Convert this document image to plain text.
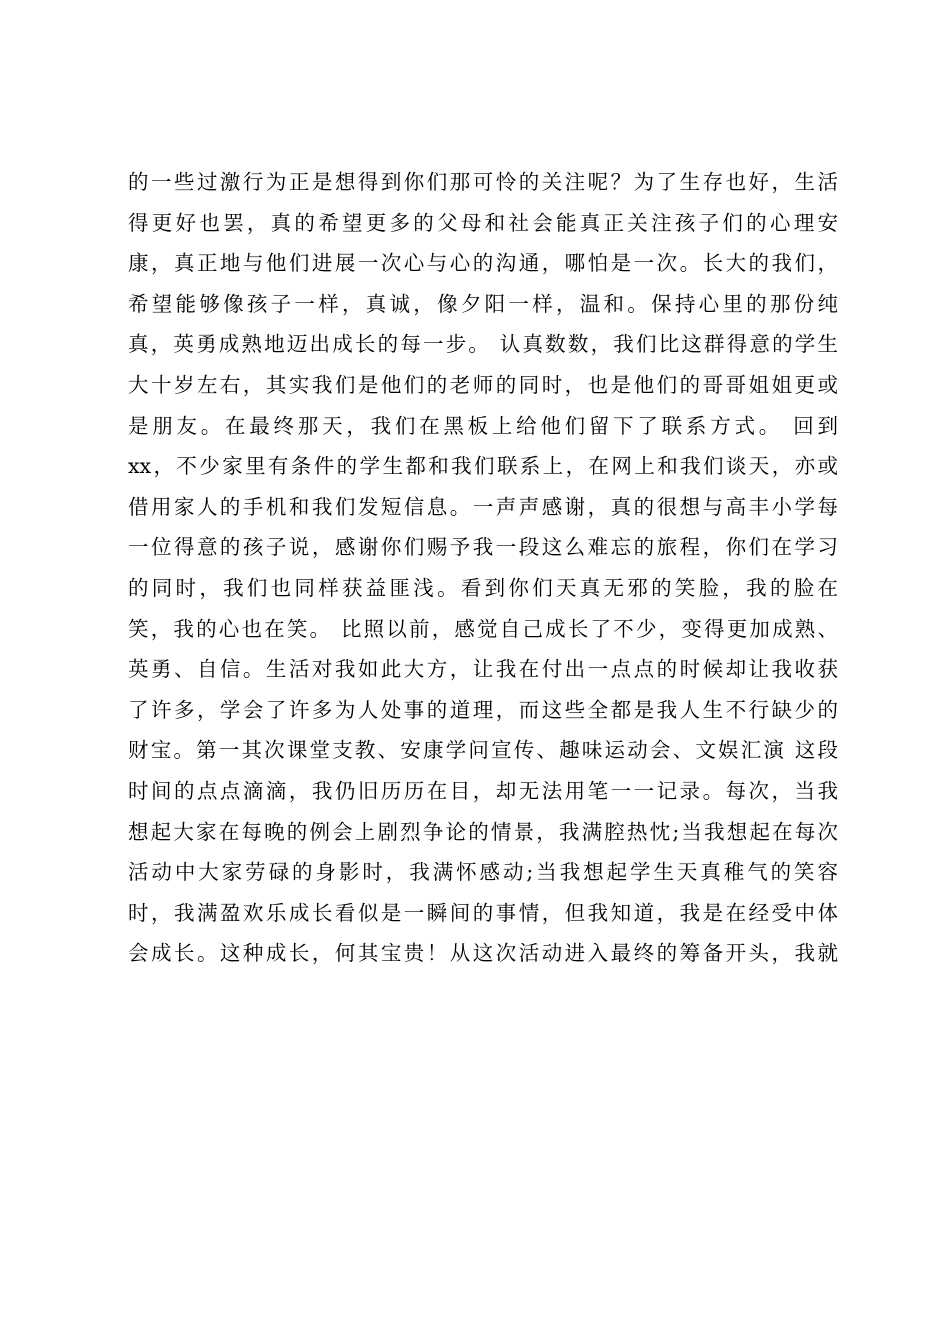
的一些过激行为正是想得到你们那可怜的关注呢？为了生存也好，生活
得更好也罢，真的希望更多的父母和社会能真正关注孩子们的心理安
康，真正地与他们进展一次心与心的沟通，哪怕是一次。长大的我们，
希望能够像孩子一样，真诚，像夕阳一样，温和。保持心里的那份纯
真，英勇成熟地迈出成长的每一步。 认真数数，我们比这群得意的学生
大十岁左右，其实我们是他们的老师的同时，也是他们的哥哥姐姐更或
是朋友。在最终那天，我们在黑板上给他们留下了联系方式。 回到
xx，不少家里有条件的学生都和我们联系上，在网上和我们谈天，亦或
借用家人的手机和我们发短信息。一声声感谢，真的很想与高丰小学每
一位得意的孩子说，感谢你们赐予我一段这么难忘的旅程，你们在学习
的同时，我们也同样获益匪浅。看到你们天真无邪的笑脸，我的脸在
笑，我的心也在笑。 比照以前，感觉自己成长了不少，变得更加成熟、
英勇、自信。生活对我如此大方，让我在付出一点点的时候却让我收获
了许多，学会了许多为人处事的道理，而这些全都是我人生不行缺少的
财宝。第一其次课堂支教、安康学问宣传、趣味运动会、文娱汇演 这段
时间的点点滴滴，我仍旧历历在目，却无法用笔一一记录。每次，当我
想起大家在每晚的例会上剧烈争论的情景，我满腔热忱;当我想起在每次
活动中大家劳碌的身影时，我满怀感动;当我想起学生天真稚气的笑容
时，我满盈欢乐成长看似是一瞬间的事情，但我知道，我是在经受中体
会成长。这种成长，何其宝贵！从这次活动进入最终的筹备开头，我就
